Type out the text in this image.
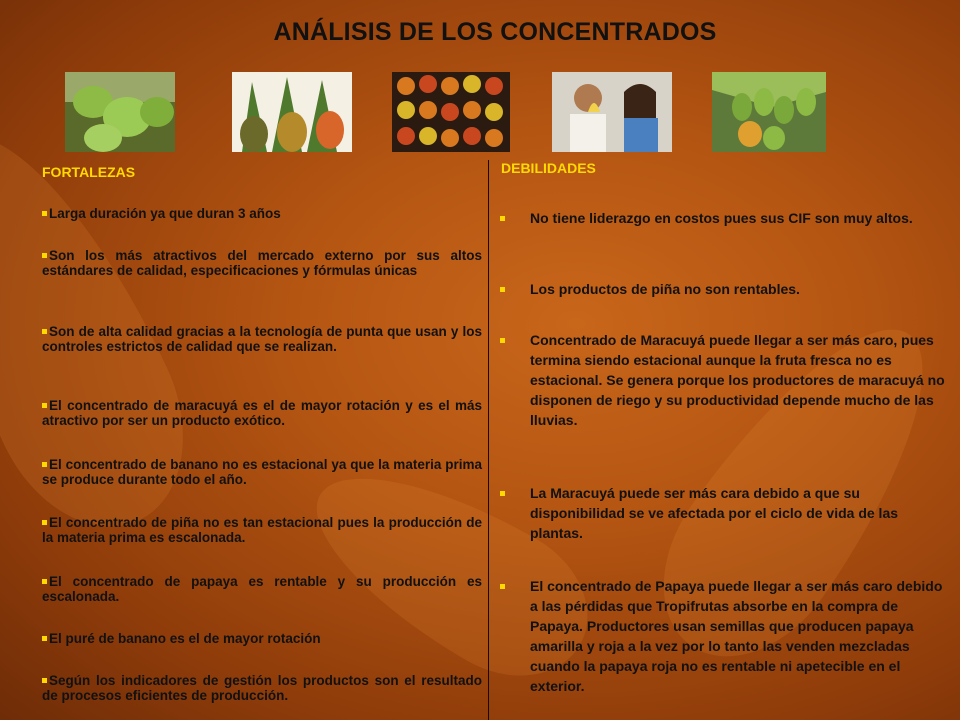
ANÁLISIS DE LOS CONCENTRADOS
FORTALEZAS
Larga duración ya que duran 3 años
Son los más atractivos del mercado externo por sus altos estándares de calidad, especificaciones y fórmulas únicas
Son de alta calidad gracias a la tecnología de punta que usan y los controles estrictos de calidad que se realizan.
El concentrado de maracuyá es el de mayor rotación y es el más atractivo por ser un producto exótico.
El concentrado de banano no es estacional ya que la materia prima se produce durante todo el año.
El concentrado de piña no es tan estacional pues la producción de la materia prima es escalonada.
El concentrado de papaya es rentable y su producción es escalonada.
El puré de banano es el de mayor rotación
Según los indicadores de gestión los productos son el resultado de procesos eficientes de producción.
DEBILIDADES
No tiene liderazgo en costos pues sus CIF son muy altos.
Los productos de piña no son rentables.
Concentrado de Maracuyá puede llegar a ser más caro, pues termina siendo estacional aunque la fruta fresca no es estacional. Se genera porque los productores de maracuyá no disponen de riego y su productividad depende mucho de las lluvias.
La Maracuyá puede ser más cara debido a que su disponibilidad se ve afectada por el ciclo de vida de las plantas.
El concentrado de Papaya puede llegar a ser más caro debido a las pérdidas que Tropifrutas absorbe en la compra de Papaya. Productores usan semillas que producen papaya amarilla y roja a la vez por lo tanto las venden mezcladas cuando la papaya roja no es rentable ni apetecible en el exterior.
